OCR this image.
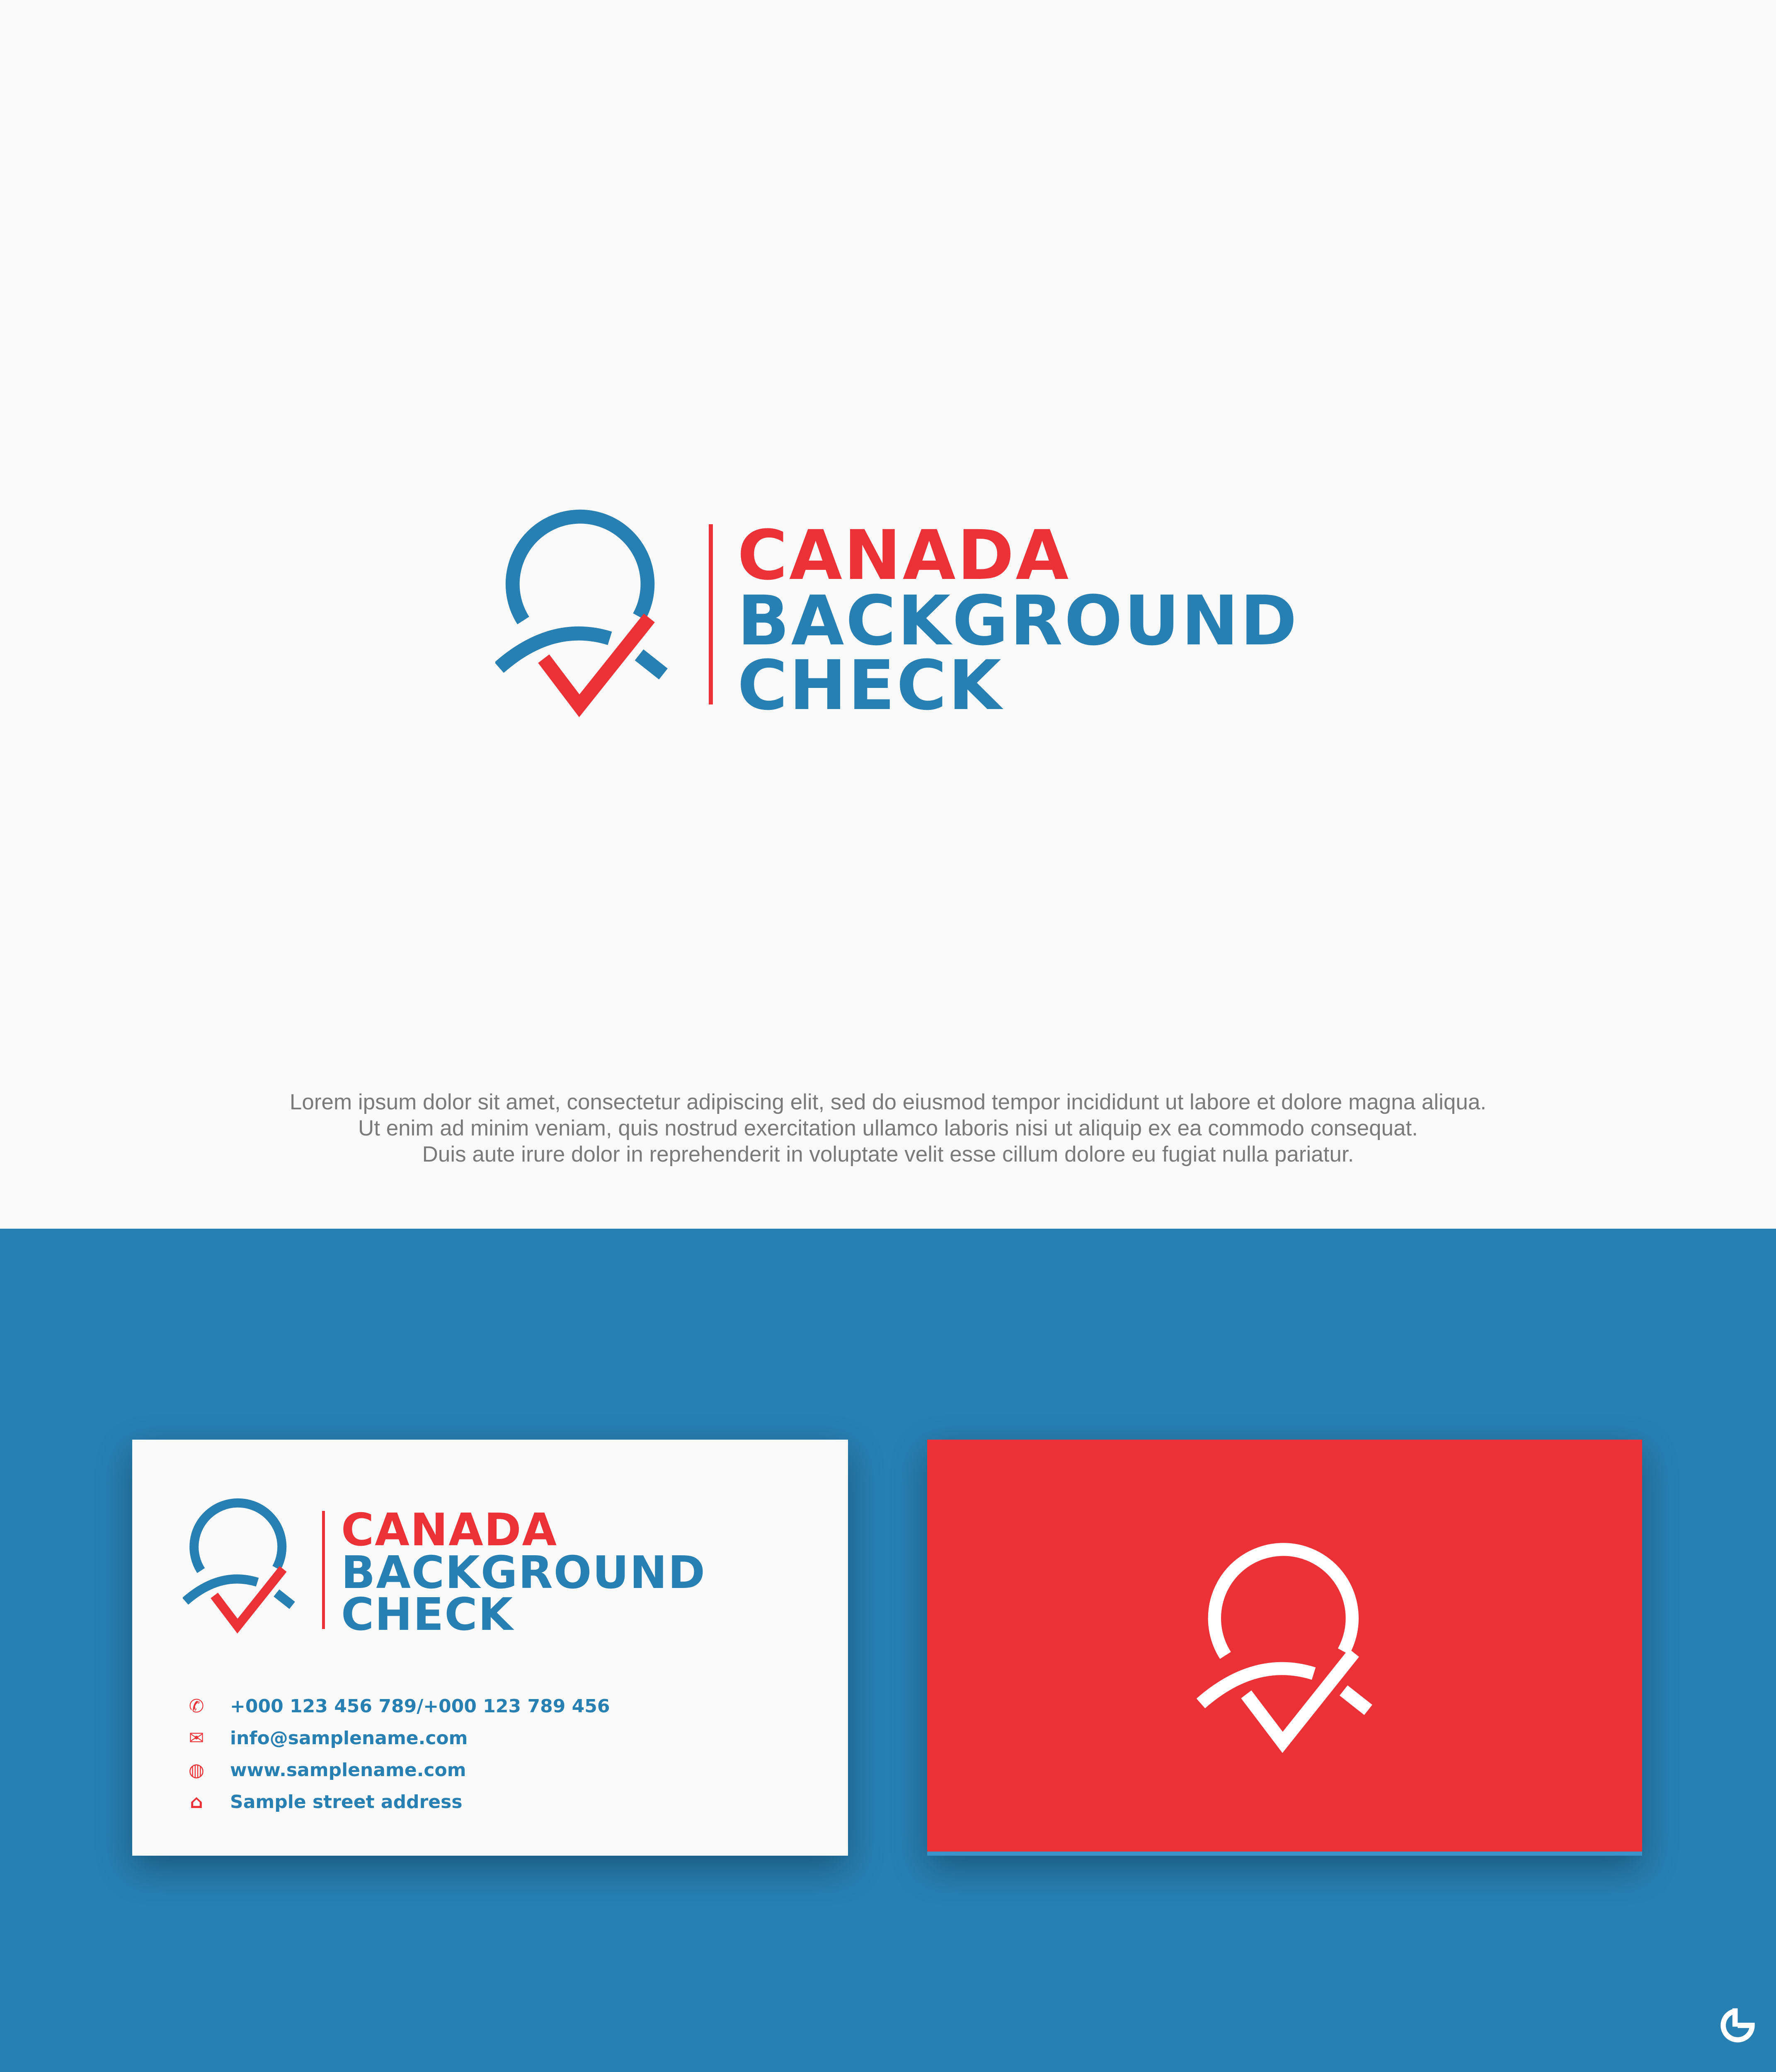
CANADA
BACKGROUND
CHECK
Lorem ipsum dolor sit amet, consectetur adipiscing elit, sed do eiusmod tempor incididunt ut labore et dolore magna aliqua.
Ut enim ad minim veniam, quis nostrud exercitation ullamco laboris nisi ut aliquip ex ea commodo consequat.
Duis aute irure dolor in reprehenderit in voluptate velit esse cillum dolore eu fugiat nulla pariatur.
CANADA
BACKGROUND
CHECK
✆ +000 123 456 789/+000 123 789 456
✉ info@samplename.com
◍ www.samplename.com
⌂ Sample street address
